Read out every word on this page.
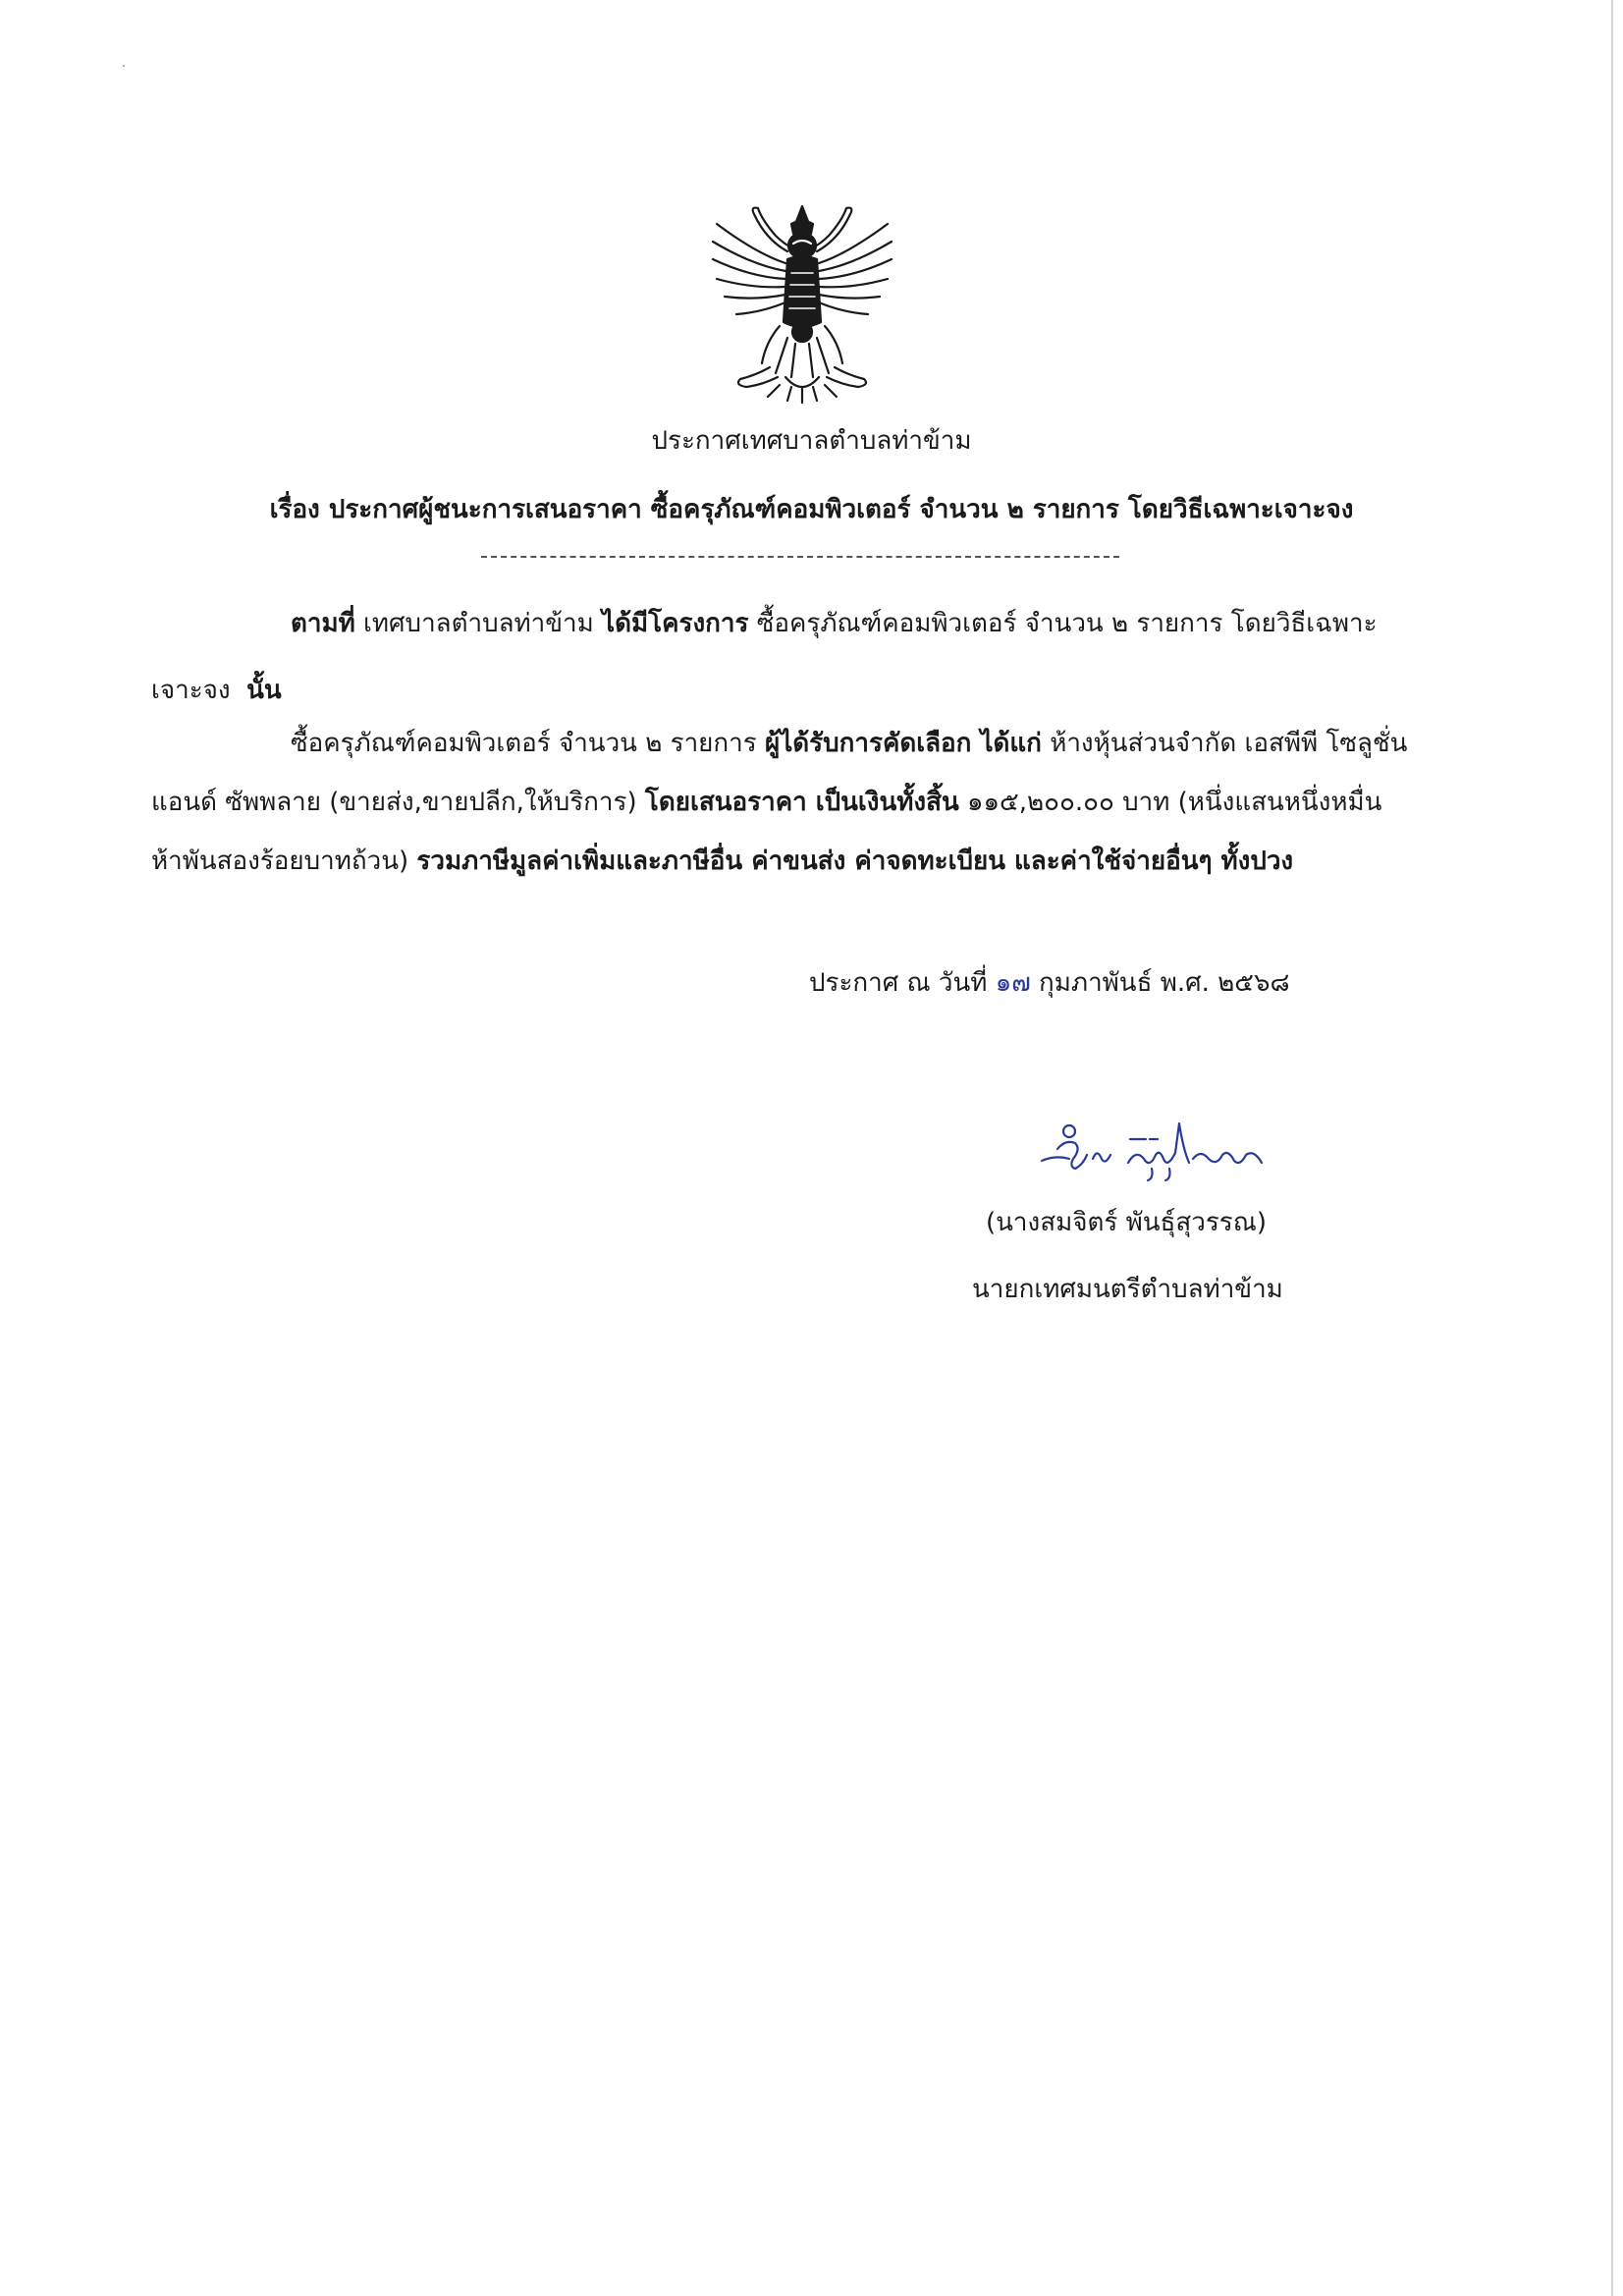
ประกาศเทศบาลตำบลท่าข้าม
เรื่อง ประกาศผู้ชนะการเสนอราคา ซื้อครุภัณฑ์คอมพิวเตอร์ จำนวน ๒ รายการ โดยวิธีเฉพาะเจาะจง
ตามที่ เทศบาลตำบลท่าข้าม ได้มีโครงการ ซื้อครุภัณฑ์คอมพิวเตอร์ จำนวน ๒ รายการ โดยวิธีเฉพาะ
เจาะจง นั้น
ซื้อครุภัณฑ์คอมพิวเตอร์ จำนวน ๒ รายการ ผู้ได้รับการคัดเลือก ได้แก่ ห้างหุ้นส่วนจำกัด เอสพีพี โซลูชั่น
แอนด์ ซัพพลาย (ขายส่ง,ขายปลีก,ให้บริการ) โดยเสนอราคา เป็นเงินทั้งสิ้น ๑๑๕,๒๐๐.๐๐ บาท (หนึ่งแสนหนึ่งหมื่น
ห้าพันสองร้อยบาทถ้วน) รวมภาษีมูลค่าเพิ่มและภาษีอื่น ค่าขนส่ง ค่าจดทะเบียน และค่าใช้จ่ายอื่นๆ ทั้งปวง
ประกาศ ณ วันที่ ๑๗ กุมภาพันธ์ พ.ศ. ๒๕๖๘
(นางสมจิตร์ พันธุ์สุวรรณ)
นายกเทศมนตรีตำบลท่าข้าม
